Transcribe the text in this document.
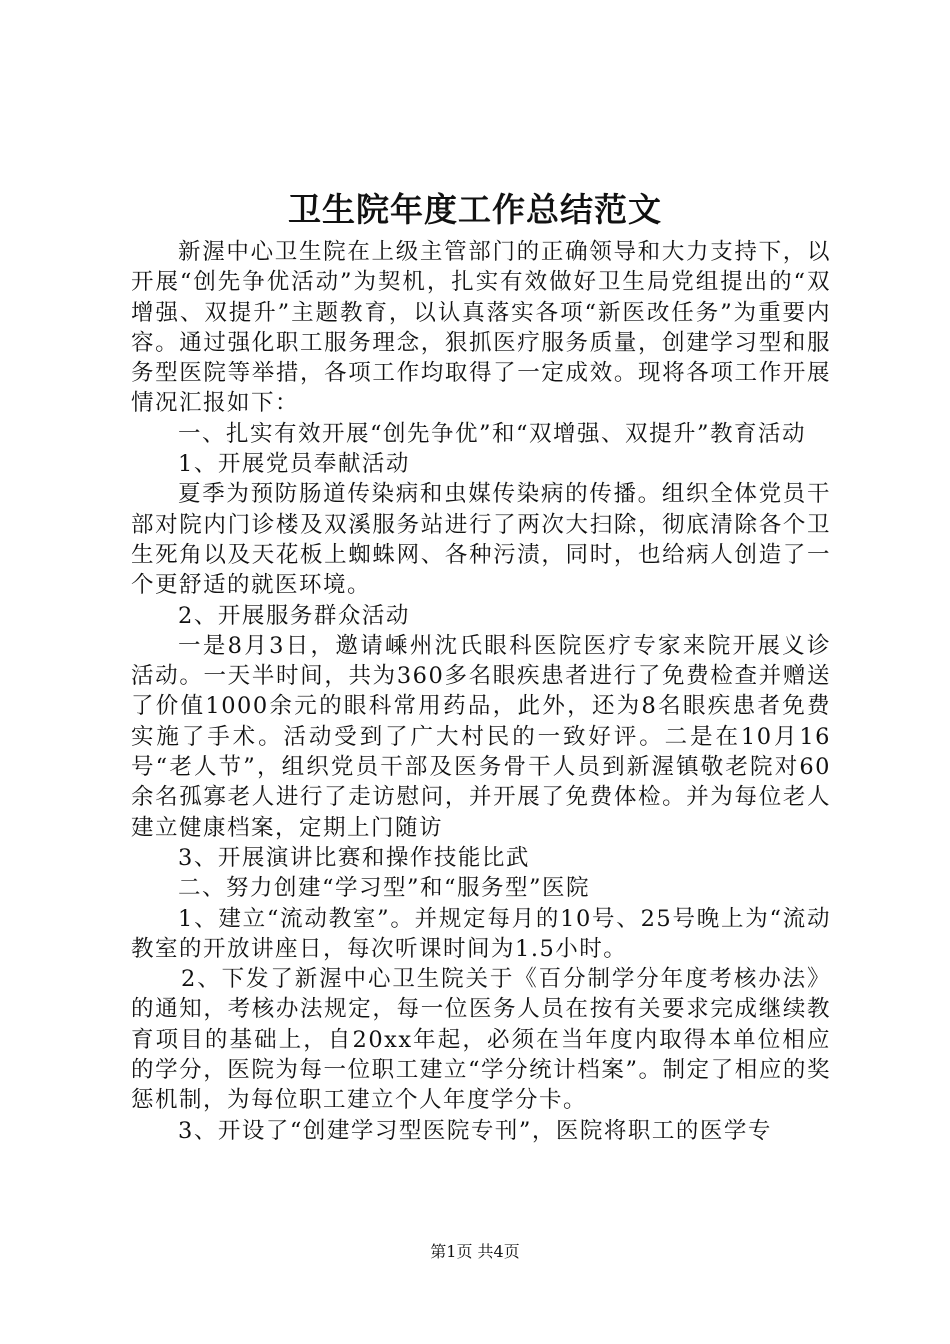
卫生院年度工作总结范文

新渥中心卫生院在上级主管部门的正确领导和大力支持下，以开展“创先争优活动”为契机，扎实有效做好卫生局党组提出的“双增强、双提升”主题教育，以认真落实各项“新医改任务”为重要内容。通过强化职工服务理念，狠抓医疗服务质量，创建学习型和服务型医院等举措，各项工作均取得了一定成效。现将各项工作开展情况汇报如下：

一、扎实有效开展“创先争优”和“双增强、双提升”教育活动

1、开展党员奉献活动

夏季为预防肠道传染病和虫媒传染病的传播。组织全体党员干部对院内门诊楼及双溪服务站进行了两次大扫除，彻底清除各个卫生死角以及天花板上蜘蛛网、各种污渍，同时，也给病人创造了一个更舒适的就医环境。

2、开展服务群众活动

一是8月3日，邀请嵊州沈氏眼科医院医疗专家来院开展义诊活动。一天半时间，共为360多名眼疾患者进行了免费检查并赠送了价值1000余元的眼科常用药品，此外，还为8名眼疾患者免费实施了手术。活动受到了广大村民的一致好评。二是在10月16号“老人节”，组织党员干部及医务骨干人员到新渥镇敬老院对60余名孤寡老人进行了走访慰问，并开展了免费体检。并为每位老人建立健康档案，定期上门随访

3、开展演讲比赛和操作技能比武

二、努力创建“学习型”和“服务型”医院

1、建立“流动教室”。并规定每月的10号、25号晚上为“流动教室的开放讲座日，每次听课时间为1.5小时。

2、下发了新渥中心卫生院关于《百分制学分年度考核办法》的通知，考核办法规定，每一位医务人员在按有关要求完成继续教育项目的基础上，自20xx年起，必须在当年度内取得本单位相应的学分，医院为每一位职工建立“学分统计档案”。制定了相应的奖惩机制，为每位职工建立个人年度学分卡。

3、开设了“创建学习型医院专刊”，医院将职工的医学专

第1页 共4页
